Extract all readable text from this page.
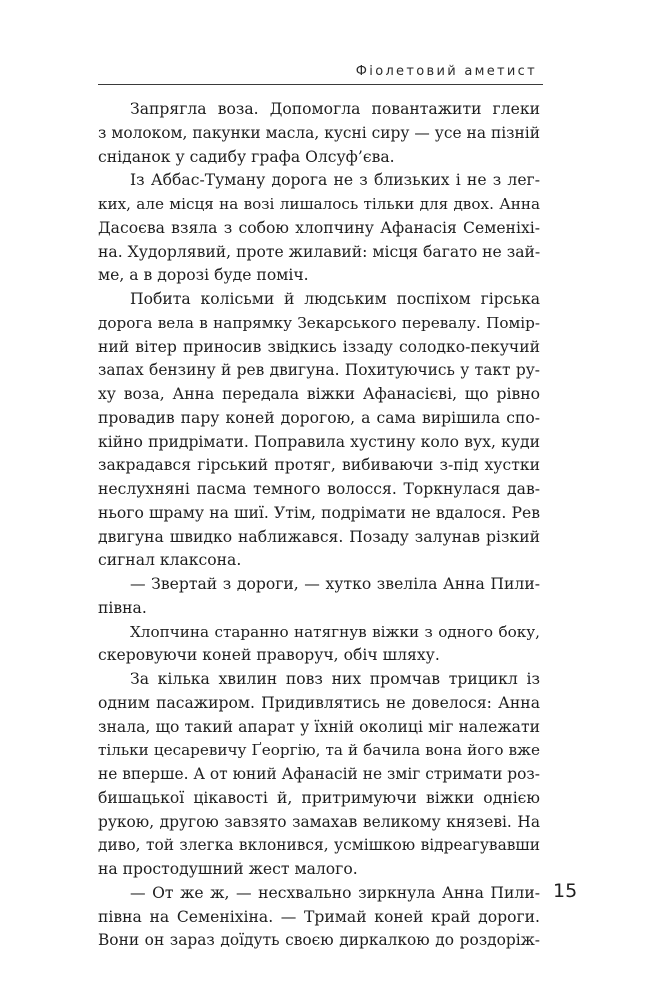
Фіолетовий аметист
Запрягла воза. Допомогла повантажити глеки
з молоком, пакунки масла, кусні сиру — усе на пізній
сніданок у садибу графа Олсуф’єва.
Із Аббас-Туману дорога не з близьких і не з лег-
ких, але місця на возі лишалось тільки для двох. Анна
Дасоєва взяла з собою хлопчину Афанасія Семеніхі-
на. Худорлявий, проте жилавий: місця багато не зай-
ме, а в дорозі буде поміч.
Побита колісьми й людським поспіхом гірська
дорога вела в напрямку Зекарського перевалу. Помір-
ний вітер приносив звідкись іззаду солодко-пекучий
запах бензину й рев двигуна. Похитуючись у такт ру-
ху воза, Анна передала віжки Афанасієві, що рівно
провадив пару коней дорогою, а сама вирішила спо-
кійно придрімати. Поправила хустину коло вух, куди
закрадався гірський протяг, вибиваючи з-під хустки
неслухняні пасма темного волосся. Торкнулася дав-
нього шраму на шиї. Утім, подрімати не вдалося. Рев
двигуна швидко наближався. Позаду залунав різкий
сигнал клаксона.
— Звертай з дороги, — хутко звеліла Анна Пили-
півна.
Хлопчина старанно натягнув віжки з одного боку,
скеровуючи коней праворуч, обіч шляху.
За кілька хвилин повз них промчав трицикл із
одним пасажиром. Придивлятись не довелося: Анна
знала, що такий апарат у їхній околиці міг належати
тільки цесаревичу Ґеоргію, та й бачила вона його вже
не вперше. А от юний Афанасій не зміг стримати роз-
бишацької цікавості й, притримуючи віжки однією
рукою, другою завзято замахав великому князеві. На
диво, той злегка вклонився, усмішкою відреагувавши
на простодушний жест малого.
— От же ж, — несхвально зиркнула Анна Пили-
півна на Семеніхіна. — Тримай коней край дороги.
Вони он зараз доїдуть своєю диркалкою до роздоріж-
15
